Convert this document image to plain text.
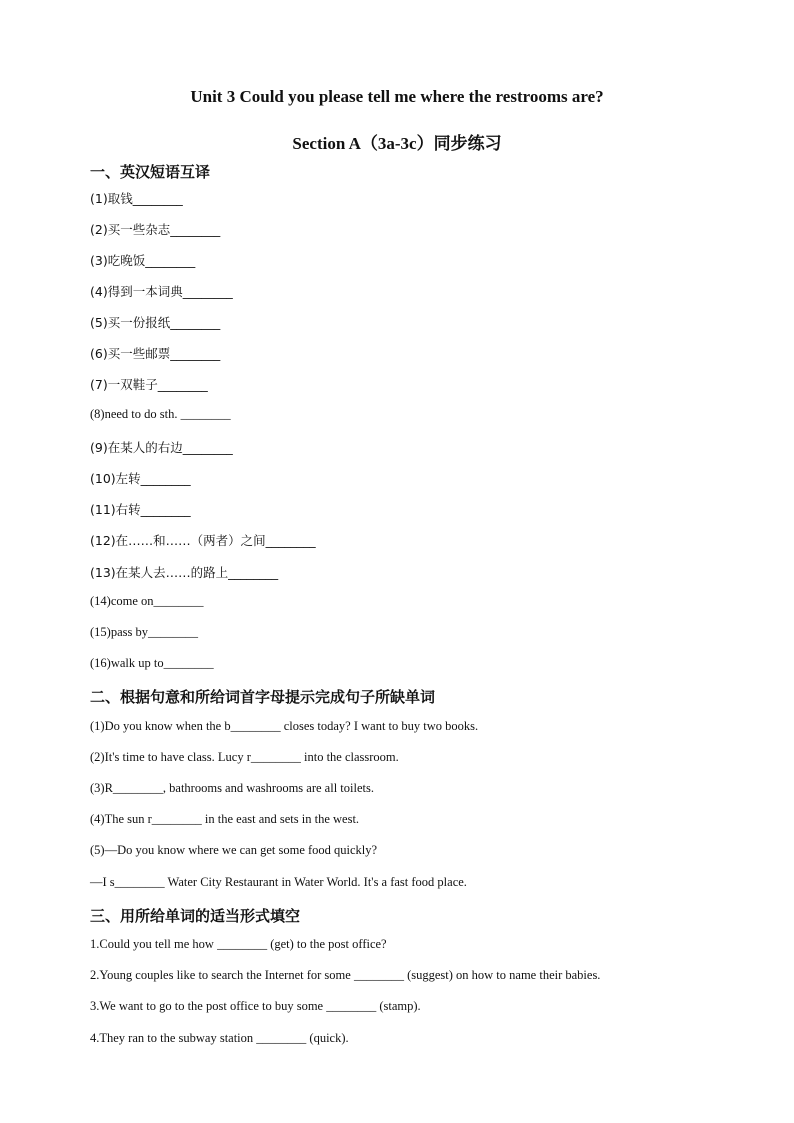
Unit 3 Could you please tell me where the restrooms are?
Section A（3a-3c）同步练习
一、英汉短语互译
(1)取钱________
(2)买一些杂志________
(3)吃晚饭________
(4)得到一本词典________
(5)买一份报纸________
(6)买一些邮票________
(7)一双鞋子________
(8)need to do sth. ________
(9)在某人的右边________
(10)左转________
(11)右转________
(12)在……和……（两者）之间________
(13)在某人去……的路上________
(14)come on________
(15)pass by________
(16)walk up to________
二、根据句意和所给词首字母提示完成句子所缺单词
(1)Do you know when the b________ closes today? I want to buy two books.
(2)It's time to have class. Lucy r________ into the classroom.
(3)R________, bathrooms and washrooms are all toilets.
(4)The sun r________ in the east and sets in the west.
(5)—Do you know where we can get some food quickly?
—I s________ Water City Restaurant in Water World. It's a fast food place.
三、用所给单词的适当形式填空
1.Could you tell me how ________ (get) to the post office?
2.Young couples like to search the Internet for some ________ (suggest) on how to name their babies.
3.We want to go to the post office to buy some ________ (stamp).
4.They ran to the subway station ________ (quick).
